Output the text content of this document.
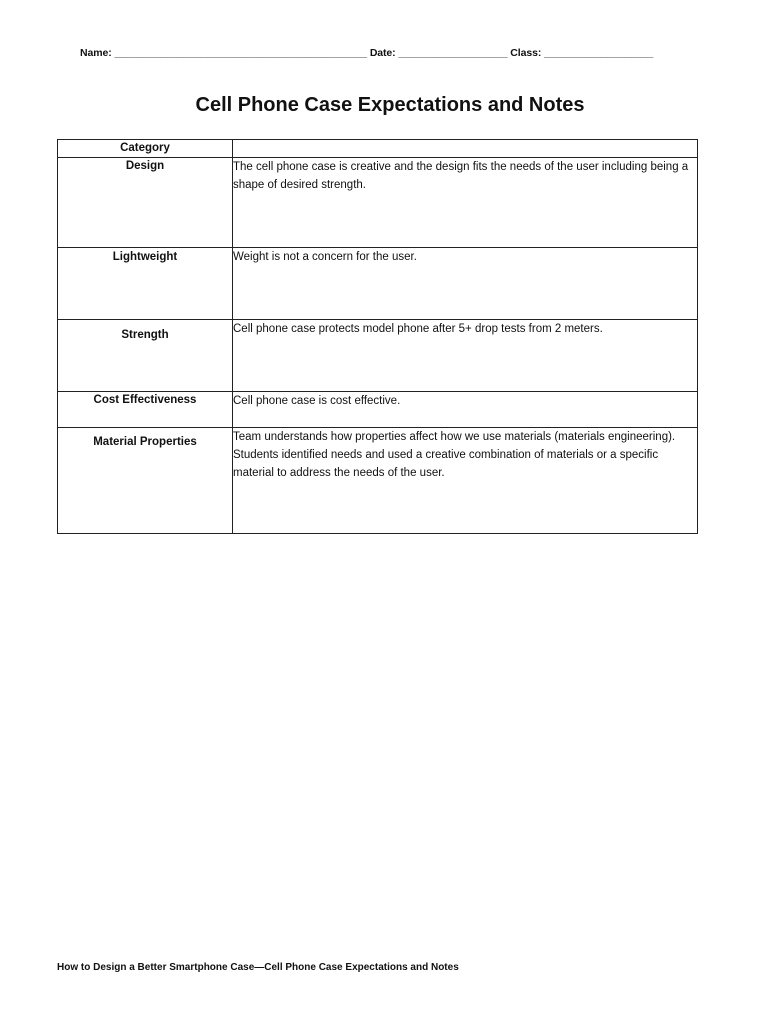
Name: ____________________________________________ Date: ___________________ Class: ___________________
Cell Phone Case Expectations and Notes
Category	
Design	The cell phone case is creative and the design fits the needs of the user including being a shape of desired strength.
Lightweight	Weight is not a concern for the user.
Strength	Cell phone case protects model phone after 5+ drop tests from 2 meters.
Cost Effectiveness	Cell phone case is cost effective.
Material Properties	Team understands how properties affect how we use materials (materials engineering). Students identified needs and used a creative combination of materials or a specific material to address the needs of the user.
How to Design a Better Smartphone Case—Cell Phone Case Expectations and Notes
